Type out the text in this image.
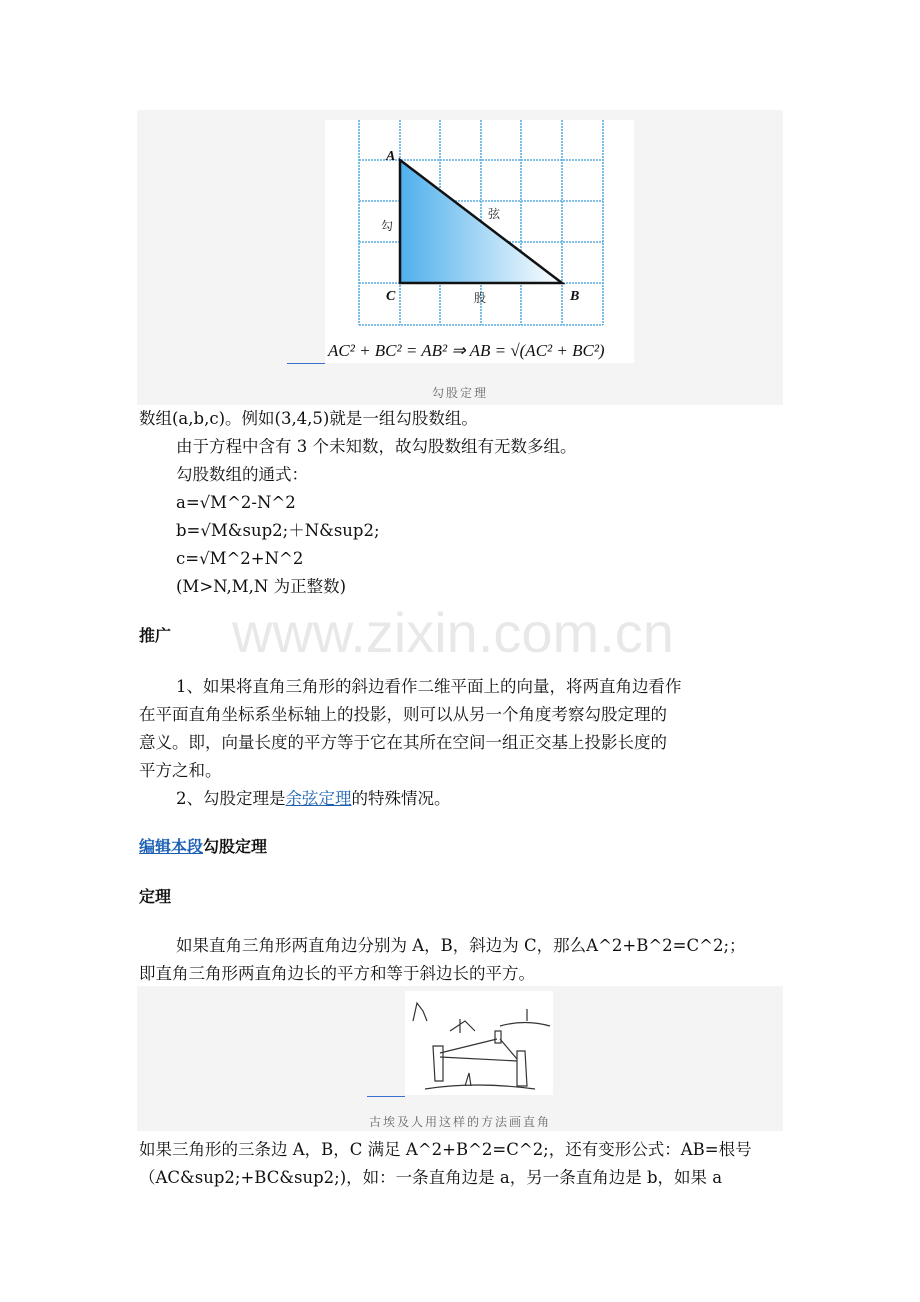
A
C	B
勾
股
弦
AC² + BC² = AB² ⇒ AB = √(AC² + BC²)
勾股定理
数组(a,b,c)。例如(3,4,5)就是一组勾股数组。
由于方程中含有 3 个未知数，故勾股数组有无数多组。
勾股数组的通式：
a=√M^2-N^2
b=√M&sup2;＋N&sup2;
c=√M^2+N^2
(M>N,M,N 为正整数)
www.zixin.com.cn
推广
1、如果将直角三角形的斜边看作二维平面上的向量，将两直角边看作
在平面直角坐标系坐标轴上的投影，则可以从另一个角度考察勾股定理的
意义。即，向量长度的平方等于它在其所在空间一组正交基上投影长度的
平方之和。
2、勾股定理是余弦定理的特殊情况。
编辑本段勾股定理
定理
如果直角三角形两直角边分别为 A，B，斜边为 C，那么A^2+B^2=C^2;；
即直角三角形两直角边长的平方和等于斜边长的平方。
古埃及人用这样的方法画直角
如果三角形的三条边 A，B，C 满足 A^2+B^2=C^2;，还有变形公式：AB=根号
（AC&sup2;+BC&sup2;)，如：一条直角边是 a，另一条直角边是 b，如果 a
